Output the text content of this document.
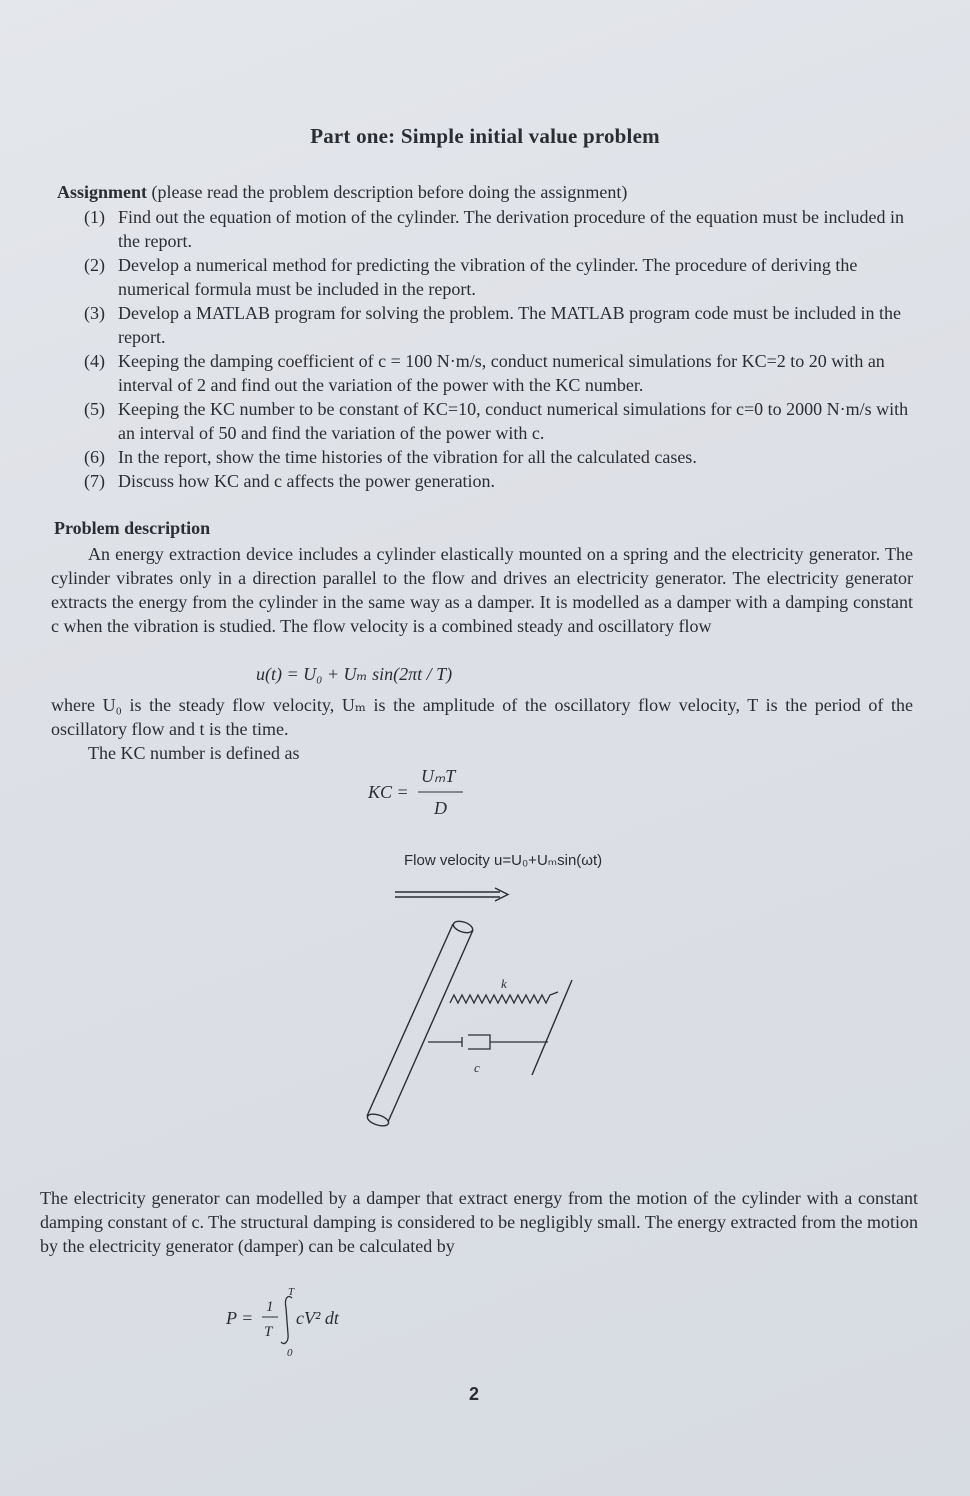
Part one: Simple initial value problem
Assignment (please read the problem description before doing the assignment)
(1) Find out the equation of motion of the cylinder. The derivation procedure of the equation must be included in the report.
(2) Develop a numerical method for predicting the vibration of the cylinder. The procedure of deriving the numerical formula must be included in the report.
(3) Develop a MATLAB program for solving the problem. The MATLAB program code must be included in the report.
(4) Keeping the damping coefficient of c = 100 N·m/s, conduct numerical simulations for KC=2 to 20 with an interval of 2 and find out the variation of the power with the KC number.
(5) Keeping the KC number to be constant of KC=10, conduct numerical simulations for c=0 to 2000 N·m/s with an interval of 50 and find the variation of the power with c.
(6) In the report, show the time histories of the vibration for all the calculated cases.
(7) Discuss how KC and c affects the power generation.
Problem description
An energy extraction device includes a cylinder elastically mounted on a spring and the electricity generator. The cylinder vibrates only in a direction parallel to the flow and drives an electricity generator. The electricity generator extracts the energy from the cylinder in the same way as a damper. It is modelled as a damper with a damping constant c when the vibration is studied. The flow velocity is a combined steady and oscillatory flow
u(t) = U₀ + Uₘ sin(2πt / T)
where U₀ is the steady flow velocity, Uₘ is the amplitude of the oscillatory flow velocity, T is the period of the oscillatory flow and t is the time.
The KC number is defined as
KC =
UₘT
D
Flow velocity u=U₀+Uₘsin(ωt)
k
c
The electricity generator can modelled by a damper that extract energy from the motion of the cylinder with a constant damping constant of c. The structural damping is considered to be negligibly small. The energy extracted from the motion by the electricity generator (damper) can be calculated by
P =
1
T
T
0
cV² dt
2
